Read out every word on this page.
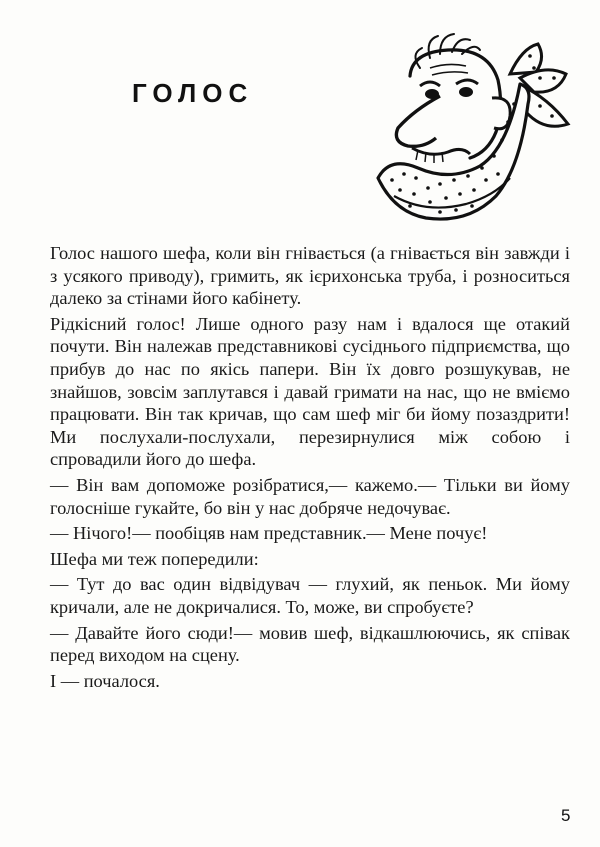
ГОЛОС

Голос нашого шефа, коли він гнівається (а гнівається він завжди і з усякого приводу), гримить, як ієрихонська труба, і розноситься далеко за стінами його кабінету.

Рідкісний голос! Лише одного разу нам і вдалося ще отакий почути. Він належав представникові сусіднього підприємства, що прибув до нас по якісь папери. Він їх довго розшукував, не знайшов, зовсім заплутався і давай гримати на нас, що не вміємо працювати. Він так кричав, що сам шеф міг би йому позаздрити! Ми послухали-послухали, перезирнулися між собою і спровадили його до шефа.

— Він вам допоможе розібратися,— кажемо.— Тільки ви йому голосніше гукайте, бо він у нас добряче недочуває.

— Нічого!— пообіцяв нам представник.— Мене почує!

Шефа ми теж попередили:

— Тут до вас один відвідувач — глухий, як пеньок. Ми йому кричали, але не докричалися. То, може, ви спробуєте?

— Давайте його сюди!— мовив шеф, відкашлюючись, як співак перед виходом на сцену.

І — почалося.

5
